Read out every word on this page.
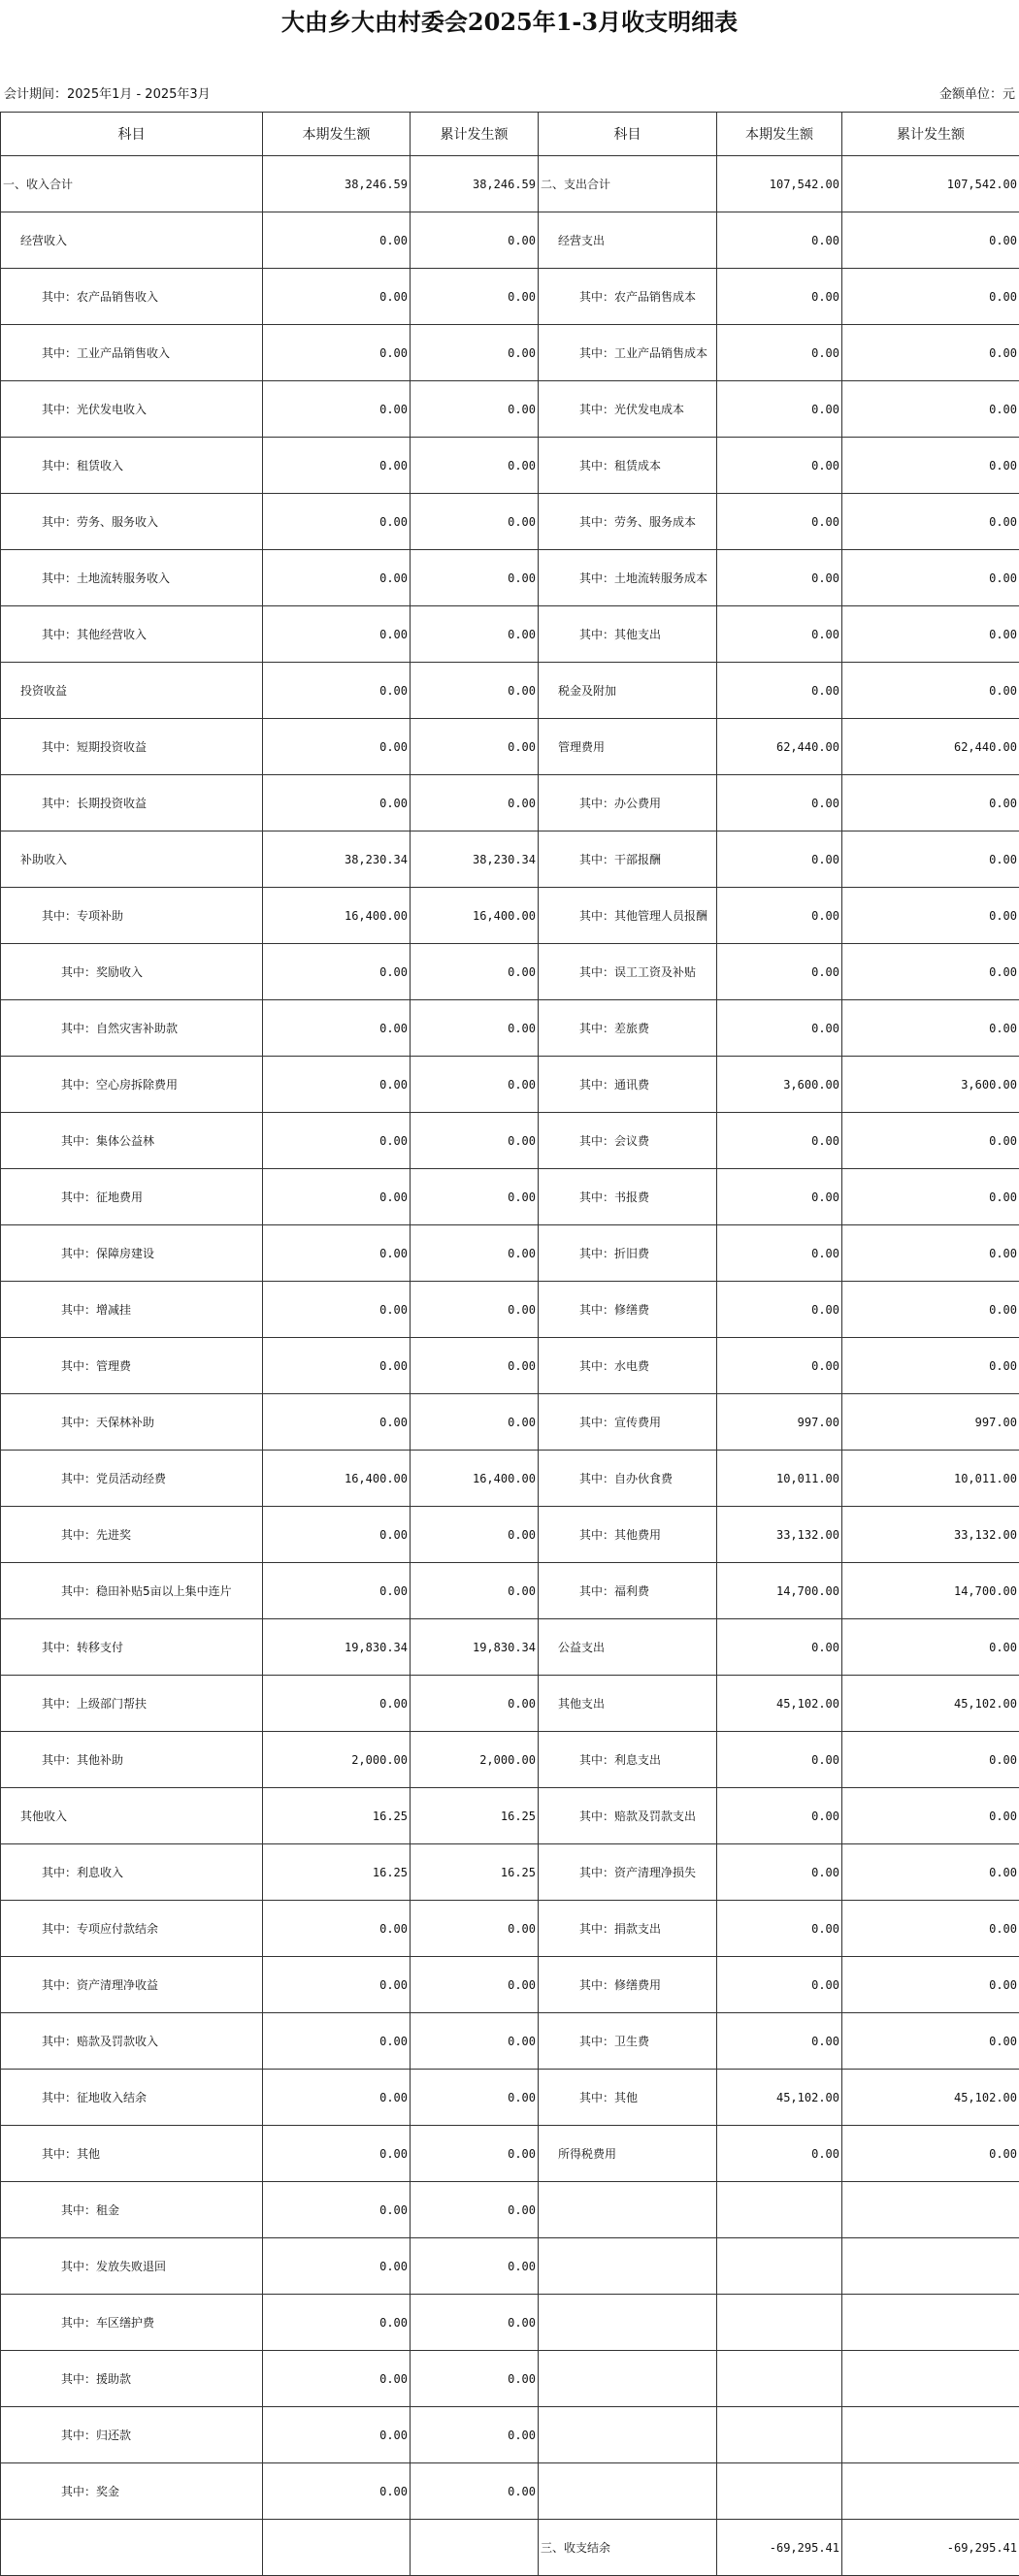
大由乡大由村委会2025年1-3月收支明细表
会计期间：2025年1月 - 2025年3月	金额单位：元
科目	本期发生额	累计发生额	科目	本期发生额	累计发生额
一、收入合计	38,246.59	38,246.59	二、支出合计	107,542.00	107,542.00
经营收入	0.00	0.00	经营支出	0.00	0.00
其中：农产品销售收入	0.00	0.00	其中：农产品销售成本	0.00	0.00
其中：工业产品销售收入	0.00	0.00	其中：工业产品销售成本	0.00	0.00
其中：光伏发电收入	0.00	0.00	其中：光伏发电成本	0.00	0.00
其中：租赁收入	0.00	0.00	其中：租赁成本	0.00	0.00
其中：劳务、服务收入	0.00	0.00	其中：劳务、服务成本	0.00	0.00
其中：土地流转服务收入	0.00	0.00	其中：土地流转服务成本	0.00	0.00
其中：其他经营收入	0.00	0.00	其中：其他支出	0.00	0.00
投资收益	0.00	0.00	税金及附加	0.00	0.00
其中：短期投资收益	0.00	0.00	管理费用	62,440.00	62,440.00
其中：长期投资收益	0.00	0.00	其中：办公费用	0.00	0.00
补助收入	38,230.34	38,230.34	其中：干部报酬	0.00	0.00
其中：专项补助	16,400.00	16,400.00	其中：其他管理人员报酬	0.00	0.00
其中：奖励收入	0.00	0.00	其中：误工工资及补贴	0.00	0.00
其中：自然灾害补助款	0.00	0.00	其中：差旅费	0.00	0.00
其中：空心房拆除费用	0.00	0.00	其中：通讯费	3,600.00	3,600.00
其中：集体公益林	0.00	0.00	其中：会议费	0.00	0.00
其中：征地费用	0.00	0.00	其中：书报费	0.00	0.00
其中：保障房建设	0.00	0.00	其中：折旧费	0.00	0.00
其中：增减挂	0.00	0.00	其中：修缮费	0.00	0.00
其中：管理费	0.00	0.00	其中：水电费	0.00	0.00
其中：天保林补助	0.00	0.00	其中：宣传费用	997.00	997.00
其中：党员活动经费	16,400.00	16,400.00	其中：自办伙食费	10,011.00	10,011.00
其中：先进奖	0.00	0.00	其中：其他费用	33,132.00	33,132.00
其中：稳田补贴5亩以上集中连片	0.00	0.00	其中：福利费	14,700.00	14,700.00
其中：转移支付	19,830.34	19,830.34	公益支出	0.00	0.00
其中：上级部门帮扶	0.00	0.00	其他支出	45,102.00	45,102.00
其中：其他补助	2,000.00	2,000.00	其中：利息支出	0.00	0.00
其他收入	16.25	16.25	其中：赔款及罚款支出	0.00	0.00
其中：利息收入	16.25	16.25	其中：资产清理净损失	0.00	0.00
其中：专项应付款结余	0.00	0.00	其中：捐款支出	0.00	0.00
其中：资产清理净收益	0.00	0.00	其中：修缮费用	0.00	0.00
其中：赔款及罚款收入	0.00	0.00	其中：卫生费	0.00	0.00
其中：征地收入结余	0.00	0.00	其中：其他	45,102.00	45,102.00
其中：其他	0.00	0.00	所得税费用	0.00	0.00
其中：租金	0.00	0.00			
其中：发放失败退回	0.00	0.00			
其中：车区缮护费	0.00	0.00			
其中：援助款	0.00	0.00			
其中：归还款	0.00	0.00			
其中：奖金	0.00	0.00			
			三、收支结余	-69,295.41	-69,295.41
